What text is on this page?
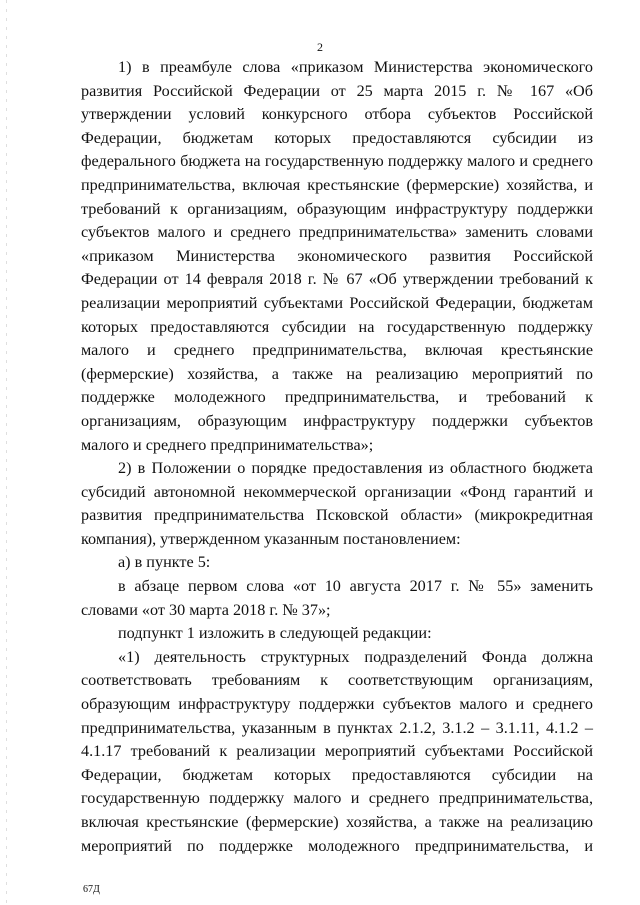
2

1) в преамбуле слова «приказом Министерства экономического развития Российской Федерации от 25 марта 2015 г. № 167 «Об утверждении условий конкурсного отбора субъектов Российской Федерации, бюджетам которых предоставляются субсидии из федерального бюджета на государственную поддержку малого и среднего предпринимательства, включая крестьянские (фермерские) хозяйства, и требований к организациям, образующим инфраструктуру поддержки субъектов малого и среднего предпринимательства» заменить словами «приказом Министерства экономического развития Российской Федерации от 14 февраля 2018 г. № 67 «Об утверждении требований к реализации мероприятий субъектами Российской Федерации, бюджетам которых предоставляются субсидии на государственную поддержку малого и среднего предпринимательства, включая крестьянские (фермерские) хозяйства, а также на реализацию мероприятий по поддержке молодежного предпринимательства, и требований к организациям, образующим инфраструктуру поддержки субъектов малого и среднего предпринимательства»;

2) в Положении о порядке предоставления из областного бюджета субсидий автономной некоммерческой организации «Фонд гарантий и развития предпринимательства Псковской области» (микрокредитная компания), утвержденном указанным постановлением:

а) в пункте 5:

в абзаце первом слова «от 10 августа 2017 г. № 55» заменить словами «от 30 марта 2018 г. № 37»;

подпункт 1 изложить в следующей редакции:

«1) деятельность структурных подразделений Фонда должна соответствовать требованиям к соответствующим организациям, образующим инфраструктуру поддержки субъектов малого и среднего предпринимательства, указанным в пунктах 2.1.2, 3.1.2 – 3.1.11, 4.1.2 – 4.1.17 требований к реализации мероприятий субъектами Российской Федерации, бюджетам которых предоставляются субсидии на государственную поддержку малого и среднего предпринимательства, включая крестьянские (фермерские) хозяйства, а также на реализацию мероприятий по поддержке молодежного предпринимательства, и

67Д
